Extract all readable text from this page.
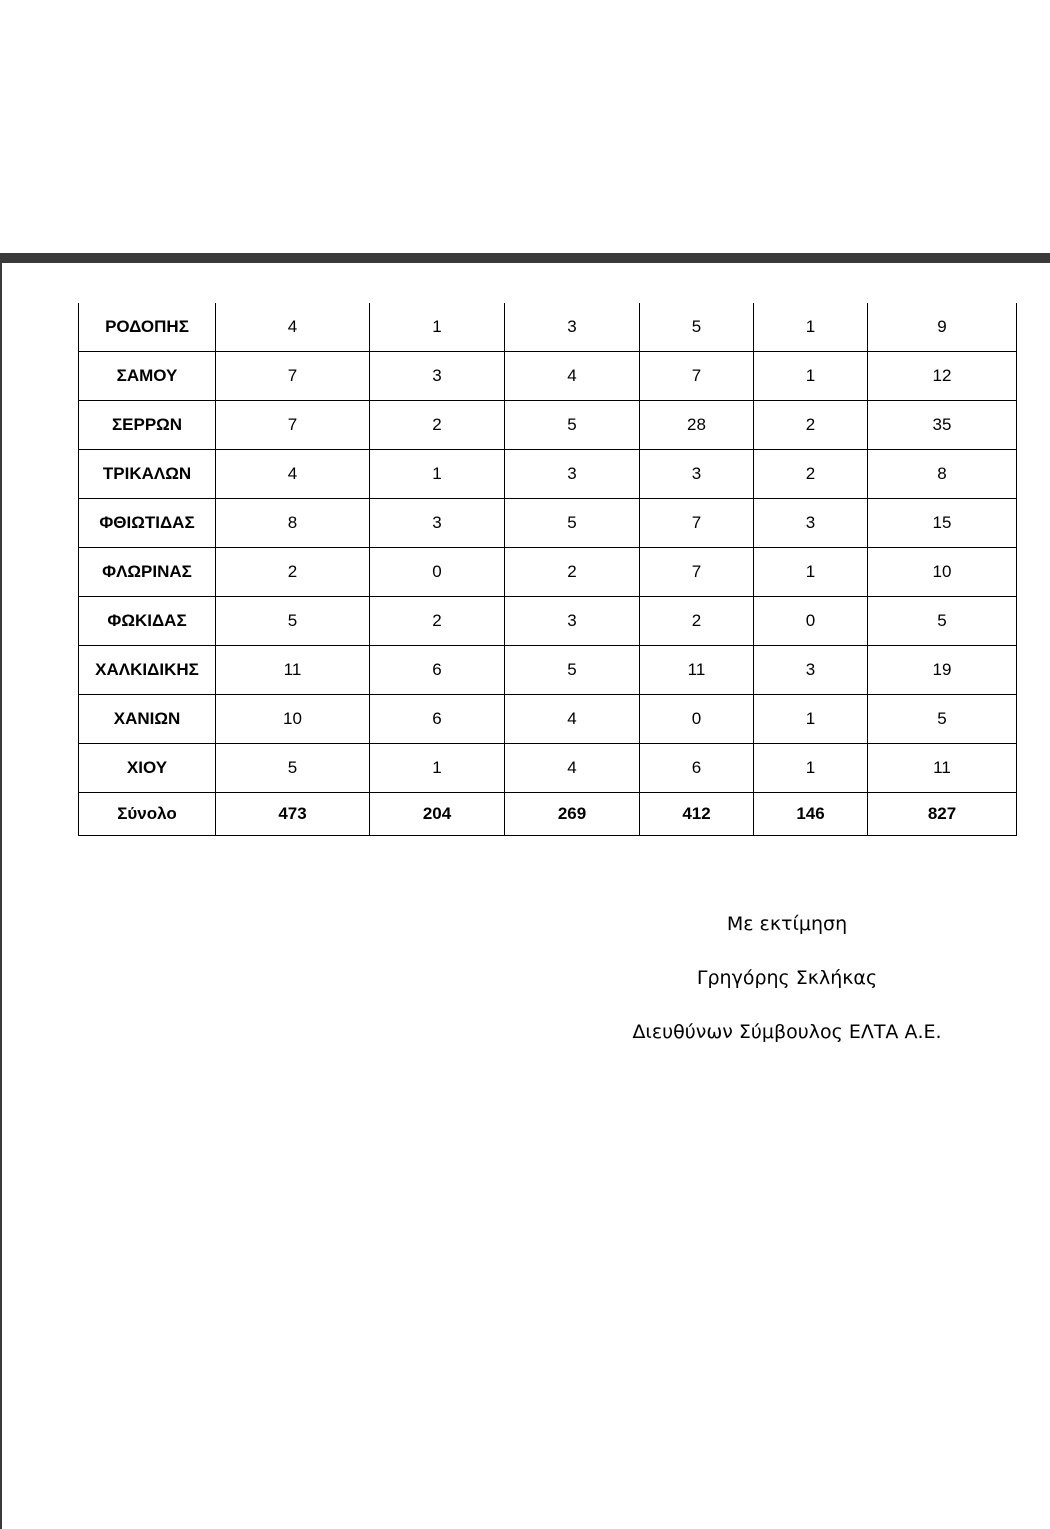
ΡΟΔΟΠΗΣ	4	1	3	5	1	9
ΣΑΜΟΥ	7	3	4	7	1	12
ΣΕΡΡΩΝ	7	2	5	28	2	35
ΤΡΙΚΑΛΩΝ	4	1	3	3	2	8
ΦΘΙΩΤΙΔΑΣ	8	3	5	7	3	15
ΦΛΩΡΙΝΑΣ	2	0	2	7	1	10
ΦΩΚΙΔΑΣ	5	2	3	2	0	5
ΧΑΛΚΙΔΙΚΗΣ	11	6	5	11	3	19
ΧΑΝΙΩΝ	10	6	4	0	1	5
ΧΙΟΥ	5	1	4	6	1	11
Σύνολο	473	204	269	412	146	827
Με εκτίμηση
Γρηγόρης Σκλήκας
Διευθύνων Σύμβουλος ΕΛΤΑ Α.Ε.
